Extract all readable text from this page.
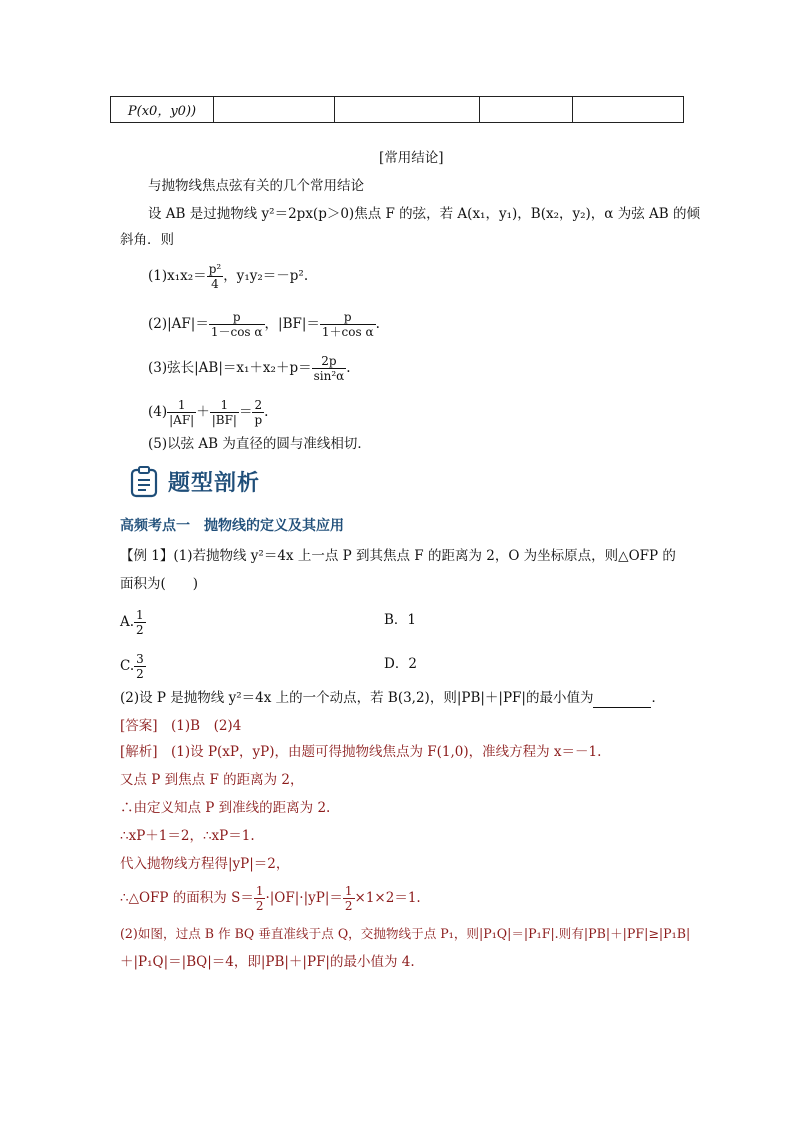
P(x0，y0))				
[常用结论]
与抛物线焦点弦有关的几个常用结论
设 AB 是过抛物线 y²＝2px(p＞0)焦点 F 的弦，若 A(x₁，y₁)，B(x₂，y₂)，α 为弦 AB 的倾
斜角．则
$(1)x_1x_2= \frac{\text{p²}}{4}$ ，y₁y₂＝－p².
$(2)|AF|= \frac{p}{\text{1－cos α}}$ ，$|BF|= \frac{p}{\text{1＋cos α}}$ .
(3)弦长$|AB|=x_1+x_2+p= \frac{2p}{\text{sin²α}}$ .
$(4) \frac{1}{|AF|} + \frac{1}{|BF|} = \frac{2}{p}$ .
(5)以弦 AB 为直径的圆与准线相切．
题型剖析
高频考点一　抛物线的定义及其应用
【例 1】(1)若抛物线 y²＝4x 上一点 P 到其焦点 F 的距离为 2，O 为坐标原点，则△OFP 的
面积为(　　)
A. $\frac{1}{2}$	B．1
C. $\frac{3}{2}$	D．2
(2)设 P 是抛物线 y²＝4x 上的一个动点，若 B(3,2)，则|PB|＋|PF|的最小值为	．
[答案]　(1)B　(2)4
[解析]　(1)设 P(xP，yP)，由题可得抛物线焦点为 F(1,0)，准线方程为 x＝－1.
又点 P 到焦点 F 的距离为 2，
∴由定义知点 P 到准线的距离为 2.
∴xP＋1＝2，∴xP＝1.
代入抛物线方程得|yP|＝2，
∴△OFP 的面积为 $S= \frac{1}{2} \cdot|OF|\cdot|yP|= \frac{1}{2} \times 1\times 2=1$.
(2)如图，过点 B 作 BQ 垂直准线于点 Q，交抛物线于点 P₁，则|P₁Q|＝|P₁F|.则有|PB|＋|PF|≥|P₁B|
＋|P₁Q|＝|BQ|＝4，即|PB|＋|PF|的最小值为 4.
